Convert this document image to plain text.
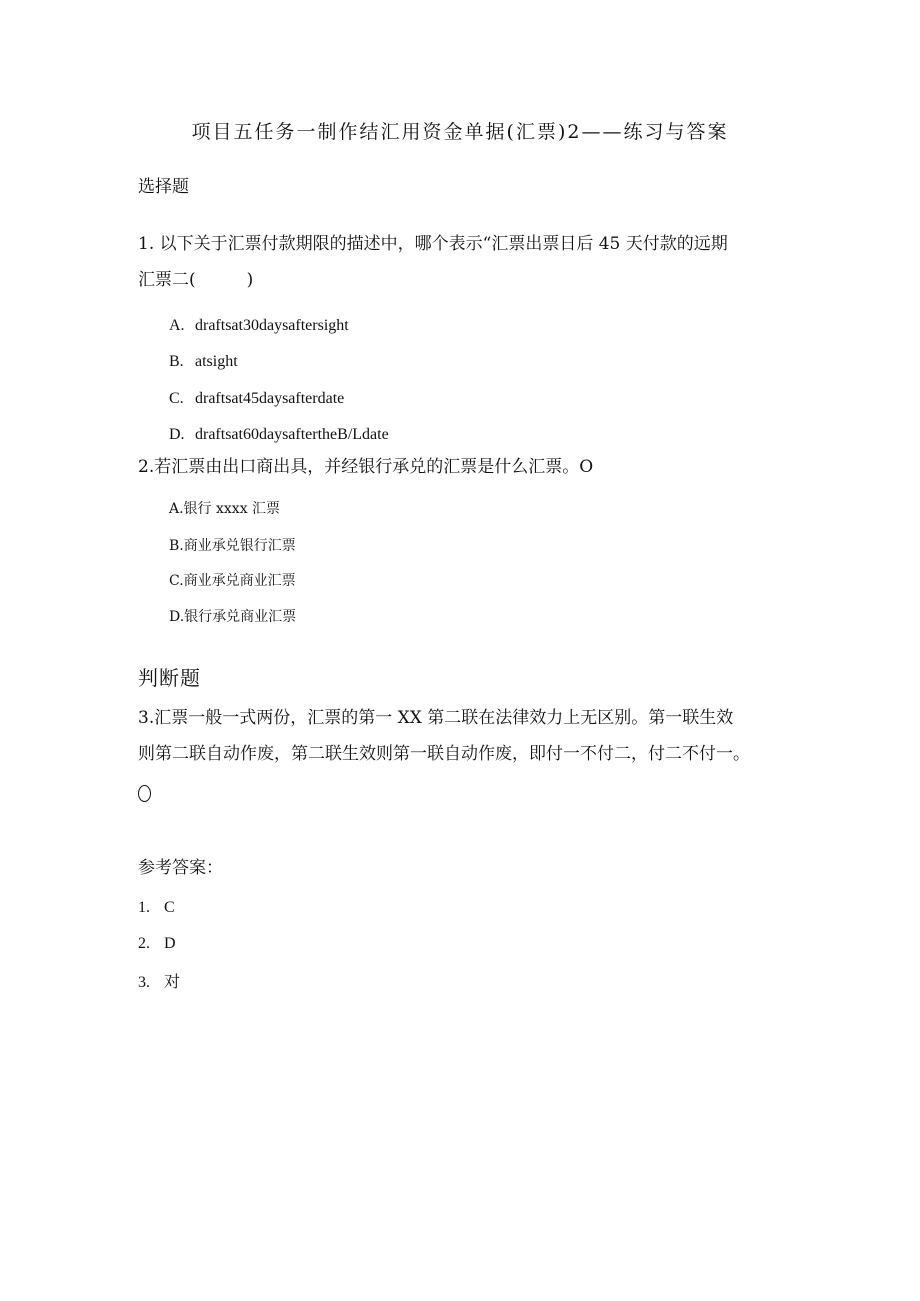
项目五任务一制作结汇用资金单据(汇票)2——练习与答案
选择题
1. 以下关于汇票付款期限的描述中，哪个表示“汇票出票日后 45 天付款的远期
汇票二(　　　)
A. draftsat30daysaftersight
B. atsight
C. draftsat45daysafterdate
D. draftsat60daysaftertheB/Ldate
2.若汇票由出口商出具，并经银行承兑的汇票是什么汇票。O
A.银行 xxxx 汇票
B.商业承兑银行汇票
C.商业承兑商业汇票
D.银行承兑商业汇票
判断题
3.汇票一般一式两份，汇票的第一 XX 第二联在法律效力上无区别。第一联生效
则第二联自动作废，第二联生效则第一联自动作废，即付一不付二，付二不付一。
参考答案：
1. C
2. D
3. 对
